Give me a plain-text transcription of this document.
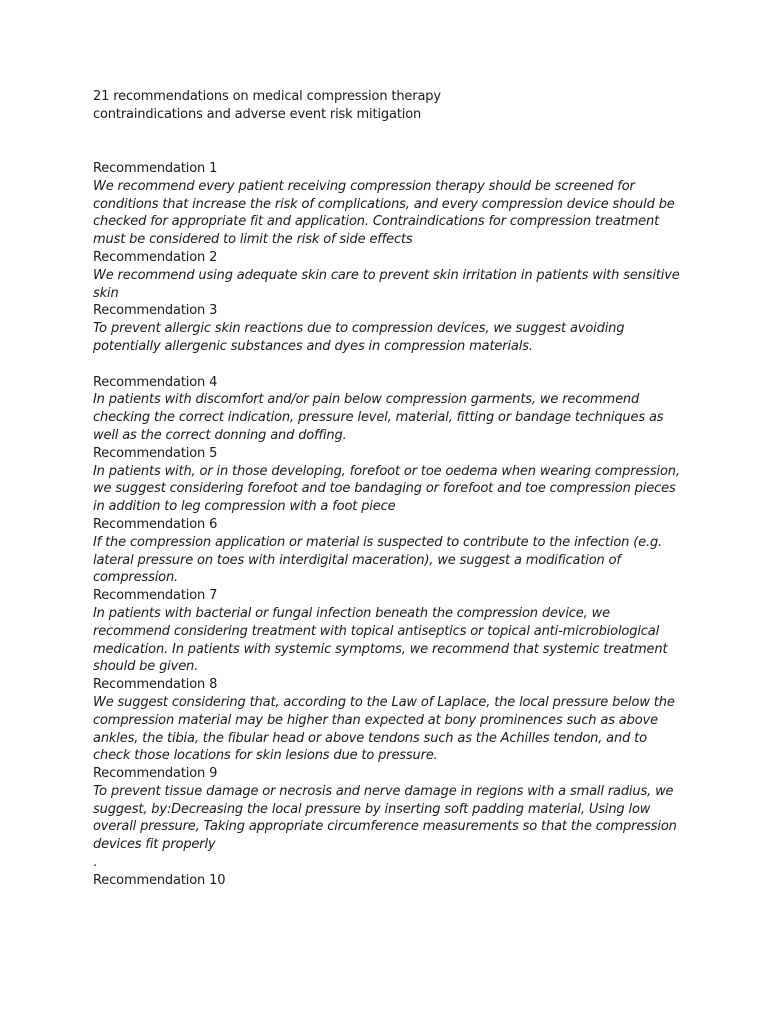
21 recommendations on medical compression therapy
contraindications and adverse event risk mitigation
Recommendation 1
We recommend every patient receiving compression therapy should be screened for conditions that increase the risk of complications, and every compression device should be checked for appropriate fit and application. Contraindications for compression treatment must be considered to limit the risk of side effects
Recommendation 2
We recommend using adequate skin care to prevent skin irritation in patients with sensitive skin
Recommendation 3
To prevent allergic skin reactions due to compression devices, we suggest avoiding potentially allergenic substances and dyes in compression materials.
Recommendation 4
In patients with discomfort and/or pain below compression garments, we recommend checking the correct indication, pressure level, material, fitting or bandage techniques as well as the correct donning and doffing.
Recommendation 5
In patients with, or in those developing, forefoot or toe oedema when wearing compression, we suggest considering forefoot and toe bandaging or forefoot and toe compression pieces in addition to leg compression with a foot piece
Recommendation 6
If the compression application or material is suspected to contribute to the infection (e.g. lateral pressure on toes with interdigital maceration), we suggest a modification of compression.
Recommendation 7
In patients with bacterial or fungal infection beneath the compression device, we recommend considering treatment with topical antiseptics or topical anti-microbiological medication. In patients with systemic symptoms, we recommend that systemic treatment should be given.
Recommendation 8
We suggest considering that, according to the Law of Laplace, the local pressure below the compression material may be higher than expected at bony prominences such as above ankles, the tibia, the fibular head or above tendons such as the Achilles tendon, and to check those locations for skin lesions due to pressure.
Recommendation 9
To prevent tissue damage or necrosis and nerve damage in regions with a small radius, we suggest, by:Decreasing the local pressure by inserting soft padding material, Using low overall pressure, Taking appropriate circumference measurements so that the compression devices fit properly
.
Recommendation 10
